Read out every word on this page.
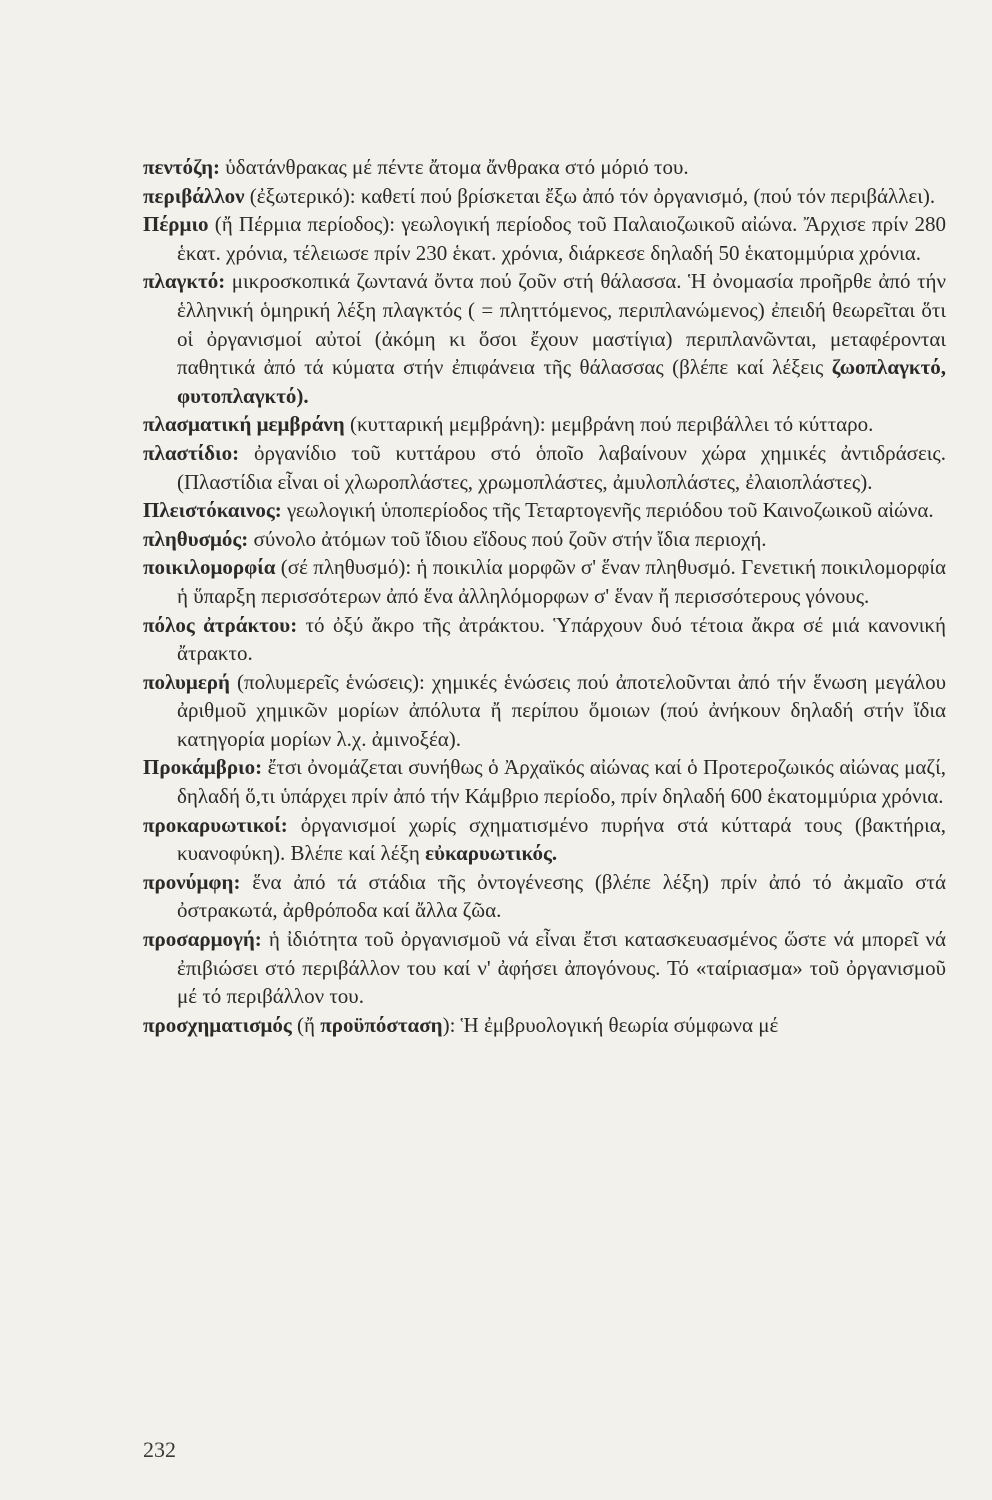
πεντόζη: ὑδατάνθρακας μέ πέντε ἄτομα ἄνθρακα στό μόριό του.
περιβάλλον (ἐξωτερικό): καθετί πού βρίσκεται ἔξω ἀπό τόν ὀργανισμό, (πού τόν περιβάλλει).
Πέρμιο (ἤ Πέρμια περίοδος): γεωλογική περίοδος τοῦ Παλαιοζωικοῦ αἰώνα. Ἄρχισε πρίν 280 ἑκατ. χρόνια, τέλειωσε πρίν 230 ἑκατ. χρόνια, διάρκεσε δηλαδή 50 ἑκατομμύρια χρόνια.
πλαγκτό: μικροσκοπικά ζωντανά ὄντα πού ζοῦν στή θάλασσα. Ἡ ὀνομασία προῆρθε ἀπό τήν ἑλληνική ὁμηρική λέξη πλαγκτός ( = πληττόμενος, περιπλανώμενος) ἐπειδή θεωρεῖται ὅτι οἱ ὀργανισμοί αὐτοί (ἀκόμη κι ὅσοι ἔχουν μαστίγια) περιπλανῶνται, μεταφέρονται παθητικά ἀπό τά κύματα στήν ἐπιφάνεια τῆς θάλασσας (βλέπε καί λέξεις ζωοπλαγκτό, φυτοπλαγκτό).
πλασματική μεμβράνη (κυτταρική μεμβράνη): μεμβράνη πού περιβάλλει τό κύτταρο.
πλαστίδιο: ὀργανίδιο τοῦ κυττάρου στό ὁποῖο λαβαίνουν χώρα χημικές ἀντιδράσεις. (Πλαστίδια εἶναι οἱ χλωροπλάστες, χρωμοπλάστες, ἀμυλοπλάστες, ἐλαιοπλάστες).
Πλειστόκαινος: γεωλογική ὑποπερίοδος τῆς Τεταρτογενῆς περιόδου τοῦ Καινοζωικοῦ αἰώνα.
πληθυσμός: σύνολο ἀτόμων τοῦ ἴδιου εἴδους πού ζοῦν στήν ἴδια περιοχή.
ποικιλομορφία (σέ πληθυσμό): ἡ ποικιλία μορφῶν σ' ἕναν πληθυσμό. Γενετική ποικιλομορφία ἡ ὕπαρξη περισσότερων ἀπό ἕνα ἀλληλόμορφων σ' ἕναν ἤ περισσότερους γόνους.
πόλος ἀτράκτου: τό ὀξύ ἄκρο τῆς ἀτράκτου. Ὑπάρχουν δυό τέτοια ἄκρα σέ μιά κανονική ἄτρακτο.
πολυμερή (πολυμερεῖς ἑνώσεις): χημικές ἑνώσεις πού ἀποτελοῦνται ἀπό τήν ἕνωση μεγάλου ἀριθμοῦ χημικῶν μορίων ἀπόλυτα ἤ περίπου ὅμοιων (πού ἀνήκουν δηλαδή στήν ἴδια κατηγορία μορίων λ.χ. ἀμινοξέα).
Προκάμβριο: ἔτσι ὀνομάζεται συνήθως ὁ Ἀρχαϊκός αἰώνας καί ὁ Προτεροζωικός αἰώνας μαζί, δηλαδή ὅ,τι ὑπάρχει πρίν ἀπό τήν Κάμβριο περίοδο, πρίν δηλαδή 600 ἑκατομμύρια χρόνια.
προκαρυωτικοί: ὀργανισμοί χωρίς σχηματισμένο πυρήνα στά κύτταρά τους (βακτήρια, κυανοφύκη). Βλέπε καί λέξη εὐκαρυωτικός.
προνύμφη: ἕνα ἀπό τά στάδια τῆς ὀντογένεσης (βλέπε λέξη) πρίν ἀπό τό ἀκμαῖο στά ὀστρακωτά, ἀρθρόποδα καί ἄλλα ζῶα.
προσαρμογή: ἡ ἰδιότητα τοῦ ὀργανισμοῦ νά εἶναι ἔτσι κατασκευασμένος ὥστε νά μπορεῖ νά ἐπιβιώσει στό περιβάλλον του καί ν' ἀφήσει ἀπογόνους. Τό «ταίριασμα» τοῦ ὀργανισμοῦ μέ τό περιβάλλον του.
προσχηματισμός (ἤ προϋπόσταση): Ἡ ἐμβρυολογική θεωρία σύμφωνα μέ
232
